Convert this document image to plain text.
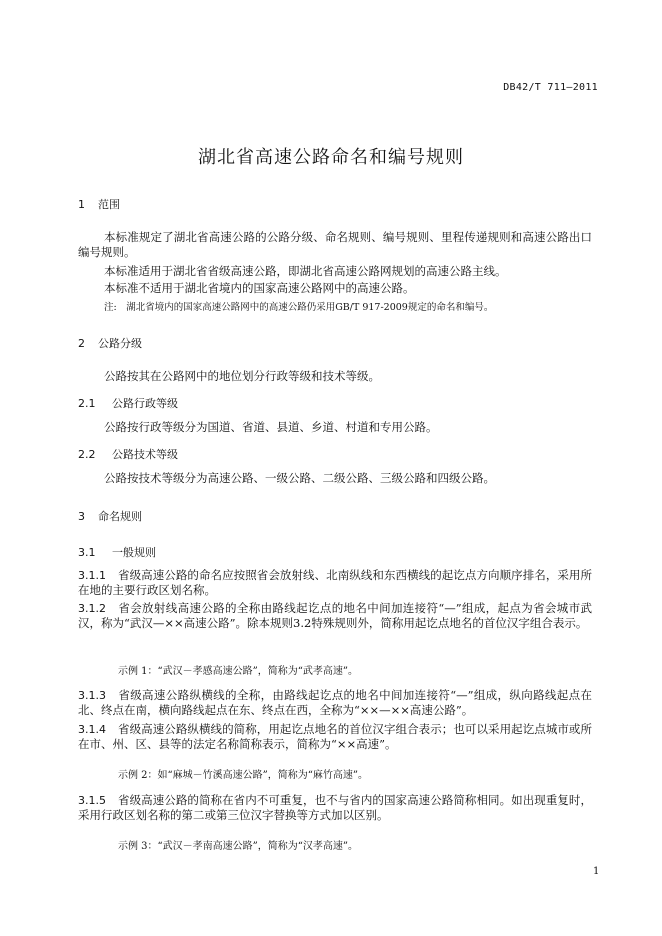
DB42/T 711—2011
湖北省高速公路命名和编号规则
1 范围
本标准规定了湖北省高速公路的公路分级、命名规则、编号规则、里程传递规则和高速公路出口编号规则。
本标准适用于湖北省省级高速公路，即湖北省高速公路网规划的高速公路主线。
本标准不适用于湖北省境内的国家高速公路网中的高速公路。
注:　湖北省境内的国家高速公路网中的高速公路仍采用GB/T 917-2009规定的命名和编号。
2 公路分级
公路按其在公路网中的地位划分行政等级和技术等级。
2.1 公路行政等级
公路按行政等级分为国道、省道、县道、乡道、村道和专用公路。
2.2 公路技术等级
公路按技术等级分为高速公路、一级公路、二级公路、三级公路和四级公路。
3 命名规则
3.1 一般规则
3.1.1 省级高速公路的命名应按照省会放射线、北南纵线和东西横线的起讫点方向顺序排名，采用所在地的主要行政区划名称。
3.1.2 省会放射线高速公路的全称由路线起讫点的地名中间加连接符“—”组成，起点为省会城市武汉，称为“武汉—××高速公路”。除本规则3.2特殊规则外，简称用起讫点地名的首位汉字组合表示。
示例 1：“武汉－孝感高速公路”，简称为“武孝高速”。
3.1.3 省级高速公路纵横线的全称，由路线起讫点的地名中间加连接符“—”组成，纵向路线起点在北、终点在南，横向路线起点在东、终点在西，全称为“××—××高速公路”。
3.1.4 省级高速公路纵横线的简称，用起讫点地名的首位汉字组合表示；也可以采用起讫点城市或所在市、州、区、县等的法定名称简称表示，简称为“××高速”。
示例 2：如“麻城－竹溪高速公路”，简称为“麻竹高速”。
3.1.5 省级高速公路的简称在省内不可重复，也不与省内的国家高速公路简称相同。如出现重复时，采用行政区划名称的第二或第三位汉字替换等方式加以区别。
示例 3：“武汉－孝南高速公路”，简称为“汉孝高速”。
1
